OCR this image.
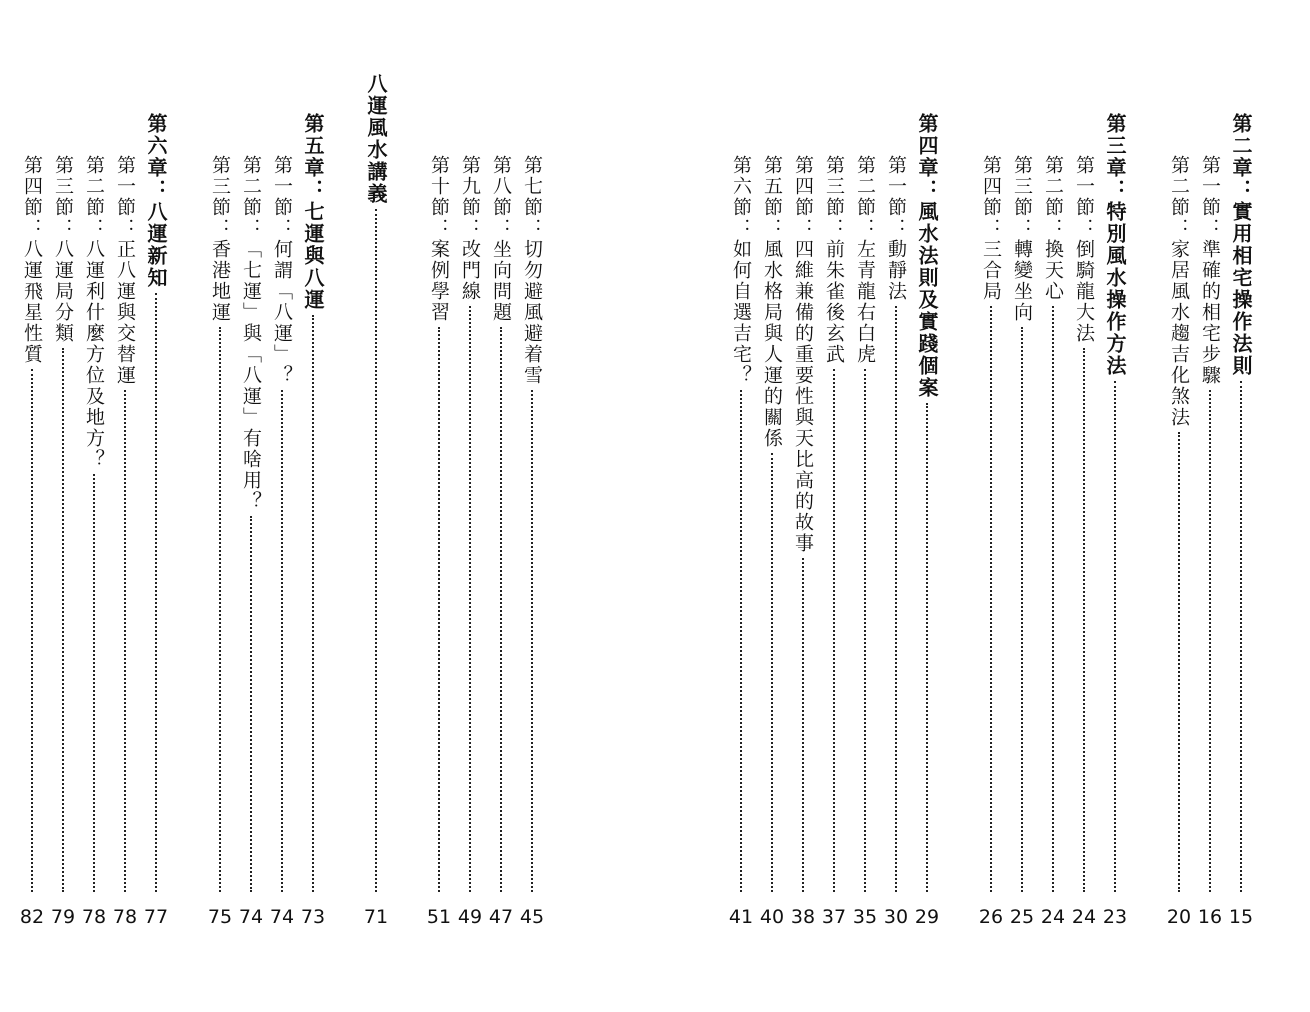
第四節：八運飛星性質
82
第三節：八運局分類
79
第二節：八運利什麼方位及地方？
78
第一節：正八運與交替運
78
第六章：八運新知
77
第三節：香港地運
75
第二節：「七運」與「八運」有啥用？
74
第一節：何謂「八運」？
74
第五章：七運與八運
73
八運風水講義
71
第十節：案例學習
51
第九節：改門線
49
第八節：坐向問題
47
第七節：切勿避風避着雪
45
第六節：如何自選吉宅？
41
第五節：風水格局與人運的關係
40
第四節：四維兼備的重要性與天比高的故事
38
第三節：前朱雀後玄武
37
第二節：左青龍右白虎
35
第一節：動靜法
30
第四章：風水法則及實踐個案
29
第四節：三合局
26
第三節：轉變坐向
25
第二節：換天心
24
第一節：倒騎龍大法
24
第三章：特別風水操作方法
23
第二節：家居風水趨吉化煞法
20
第一節：準確的相宅步驟
16
第二章：實用相宅操作法則
15
